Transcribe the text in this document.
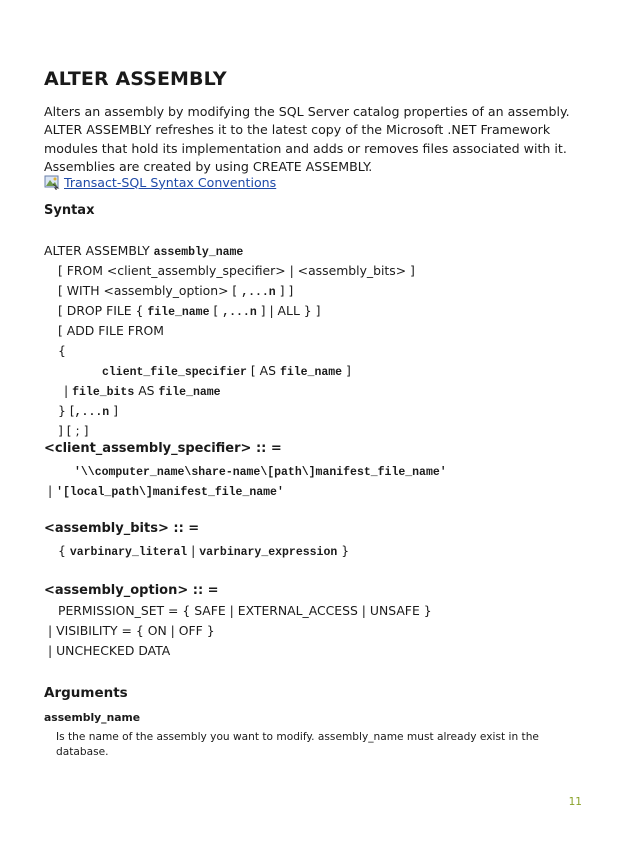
ALTER ASSEMBLY
Alters an assembly by modifying the SQL Server catalog properties of an assembly. ALTER ASSEMBLY refreshes it to the latest copy of the Microsoft .NET Framework modules that hold its implementation and adds or removes files associated with it. Assemblies are created by using CREATE ASSEMBLY.
Transact-SQL Syntax Conventions
Syntax
ALTER ASSEMBLY assembly_name
[ FROM <client_assembly_specifier> | <assembly_bits> ]
[ WITH <assembly_option> [ ,...n ] ]
[ DROP FILE { file_name [ ,...n ] | ALL } ]
[ ADD FILE FROM
{
client_file_specifier [ AS file_name ]
| file_bits AS file_name
} [,...n ]
] [ ; ]
<client_assembly_specifier> :: =
'\\computer_name\share-name\[path\]manifest_file_name'
| '[local_path\]manifest_file_name'
<assembly_bits> :: =
{ varbinary_literal | varbinary_expression }
<assembly_option> :: =
PERMISSION_SET = { SAFE | EXTERNAL_ACCESS | UNSAFE }
| VISIBILITY = { ON | OFF }
| UNCHECKED DATA
Arguments
assembly_name
Is the name of the assembly you want to modify. assembly_name must already exist in the
database.
11
